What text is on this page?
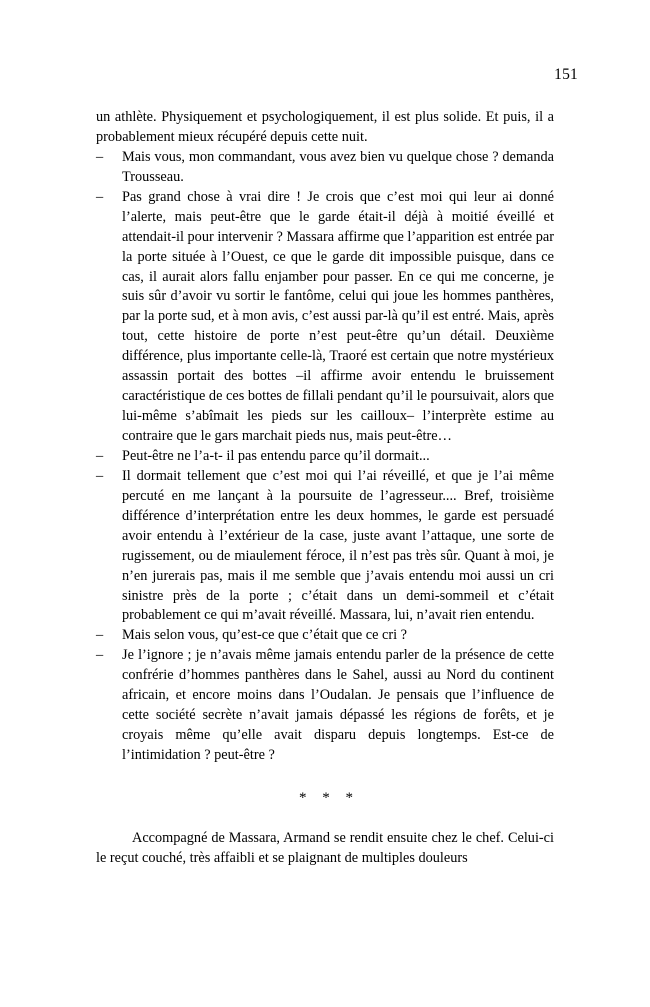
151

un athlète. Physiquement et psychologiquement, il est plus solide. Et puis, il a probablement mieux récupéré depuis cette nuit.

–	Mais vous, mon commandant, vous avez bien vu quelque chose ? demanda Trousseau.

–	Pas grand chose à vrai dire ! Je crois que c’est moi qui leur ai donné l’alerte, mais peut-être que le garde était-il déjà à moitié éveillé et attendait-il pour intervenir ? Massara affirme que l’apparition est entrée par la porte située à l’Ouest, ce que le garde dit impossible puisque, dans ce cas, il aurait alors fallu enjamber pour passer. En ce qui me concerne, je suis sûr d’avoir vu sortir le fantôme, celui qui joue les hommes panthères, par la porte sud, et à mon avis, c’est aussi par-là qu’il est entré. Mais, après tout, cette histoire de porte n’est peut-être qu’un détail. Deuxième différence, plus importante celle-là, Traoré est certain que notre mystérieux assassin portait des bottes –il affirme avoir entendu le bruissement caractéristique de ces bottes de fillali pendant qu’il le poursuivait, alors que lui-même s’abîmait les pieds sur les cailloux– l’interprète estime au contraire que le gars marchait pieds nus, mais peut-être…

–	Peut-être ne l’a-t- il pas entendu parce qu’il dormait...

–	Il dormait tellement que c’est moi qui l’ai réveillé, et que je l’ai même percuté en me lançant à la poursuite de l’agresseur.... Bref, troisième différence d’interprétation entre les deux hommes, le garde est persuadé avoir entendu à l’extérieur de la case, juste avant l’attaque, une sorte de rugissement, ou de miaulement féroce, il n’est pas très sûr. Quant à moi, je n’en jurerais pas, mais il me semble que j’avais entendu moi aussi un cri sinistre près de la porte ; c’était dans un demi-sommeil et c’était probablement ce qui m’avait réveillé. Massara, lui, n’avait rien entendu.

–	Mais selon vous, qu’est-ce que c’était que ce cri ?

–	Je l’ignore ; je n’avais même jamais entendu parler de la présence de cette confrérie d’hommes panthères dans le Sahel, aussi au Nord du continent africain, et encore moins dans l’Oudalan. Je pensais que l’influence de cette société secrète n’avait jamais dépassé les régions de forêts, et je croyais même qu’elle avait disparu depuis longtemps. Est-ce de l’intimidation ? peut-être ?

* * *

Accompagné de Massara, Armand se rendit ensuite chez le chef. Celui-ci le reçut couché, très affaibli et se plaignant de multiples douleurs
